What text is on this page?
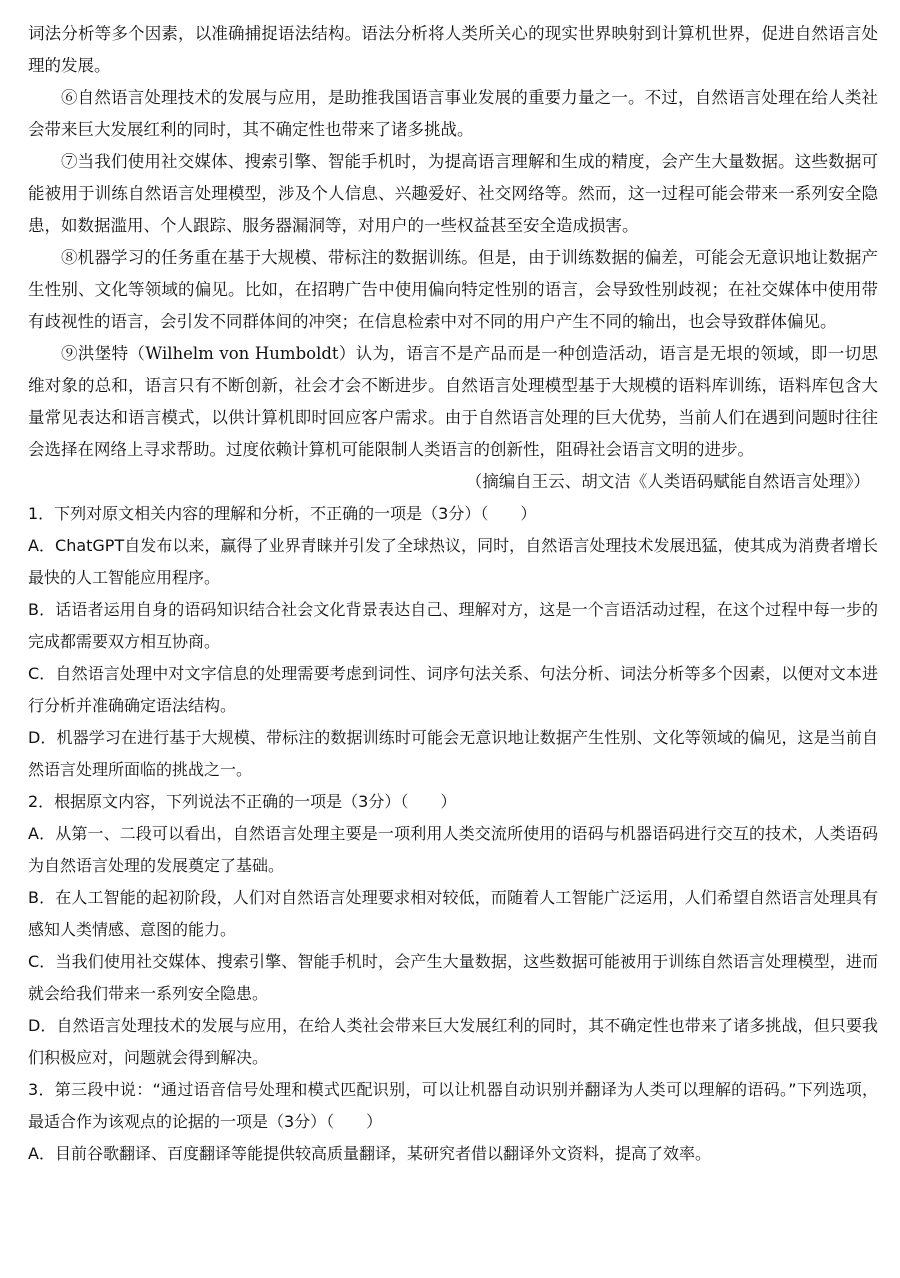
词法分析等多个因素，以准确捕捉语法结构。语法分析将人类所关心的现实世界映射到计算机世界，促进自然语言处理的发展。

⑥自然语言处理技术的发展与应用，是助推我国语言事业发展的重要力量之一。不过，自然语言处理在给人类社会带来巨大发展红利的同时，其不确定性也带来了诸多挑战。

⑦当我们使用社交媒体、搜索引擎、智能手机时，为提高语言理解和生成的精度，会产生大量数据。这些数据可能被用于训练自然语言处理模型，涉及个人信息、兴趣爱好、社交网络等。然而，这一过程可能会带来一系列安全隐患，如数据滥用、个人跟踪、服务器漏洞等，对用户的一些权益甚至安全造成损害。

⑧机器学习的任务重在基于大规模、带标注的数据训练。但是，由于训练数据的偏差，可能会无意识地让数据产生性别、文化等领域的偏见。比如，在招聘广告中使用偏向特定性别的语言，会导致性别歧视；在社交媒体中使用带有歧视性的语言，会引发不同群体间的冲突；在信息检索中对不同的用户产生不同的输出，也会导致群体偏见。

⑨洪堡特（Wilhelm von Humboldt）认为，语言不是产品而是一种创造活动，语言是无垠的领域，即一切思维对象的总和，语言只有不断创新，社会才会不断进步。自然语言处理模型基于大规模的语料库训练，语料库包含大量常见表达和语言模式，以供计算机即时回应客户需求。由于自然语言处理的巨大优势，当前人们在遇到问题时往往会选择在网络上寻求帮助。过度依赖计算机可能限制人类语言的创新性，阻碍社会语言文明的进步。

（摘编自王云、胡文洁《人类语码赋能自然语言处理》）

1．下列对原文相关内容的理解和分析，不正确的一项是（3分）（　　）

A．ChatGPT自发布以来，赢得了业界青睐并引发了全球热议，同时，自然语言处理技术发展迅猛，使其成为消费者增长最快的人工智能应用程序。

B．话语者运用自身的语码知识结合社会文化背景表达自己、理解对方，这是一个言语活动过程，在这个过程中每一步的完成都需要双方相互协商。

C．自然语言处理中对文字信息的处理需要考虑到词性、词序句法关系、句法分析、词法分析等多个因素，以便对文本进行分析并准确确定语法结构。

D．机器学习在进行基于大规模、带标注的数据训练时可能会无意识地让数据产生性别、文化等领域的偏见，这是当前自然语言处理所面临的挑战之一。

2．根据原文内容，下列说法不正确的一项是（3分）（　　）

A．从第一、二段可以看出，自然语言处理主要是一项利用人类交流所使用的语码与机器语码进行交互的技术，人类语码为自然语言处理的发展奠定了基础。

B．在人工智能的起初阶段，人们对自然语言处理要求相对较低，而随着人工智能广泛运用，人们希望自然语言处理具有感知人类情感、意图的能力。

C．当我们使用社交媒体、搜索引擎、智能手机时，会产生大量数据，这些数据可能被用于训练自然语言处理模型，进而就会给我们带来一系列安全隐患。

D．自然语言处理技术的发展与应用，在给人类社会带来巨大发展红利的同时，其不确定性也带来了诸多挑战，但只要我们积极应对，问题就会得到解决。

3．第三段中说：“通过语音信号处理和模式匹配识别，可以让机器自动识别并翻译为人类可以理解的语码。”下列选项，最适合作为该观点的论据的一项是（3分）（　　）

A．目前谷歌翻译、百度翻译等能提供较高质量翻译，某研究者借以翻译外文资料，提高了效率。
